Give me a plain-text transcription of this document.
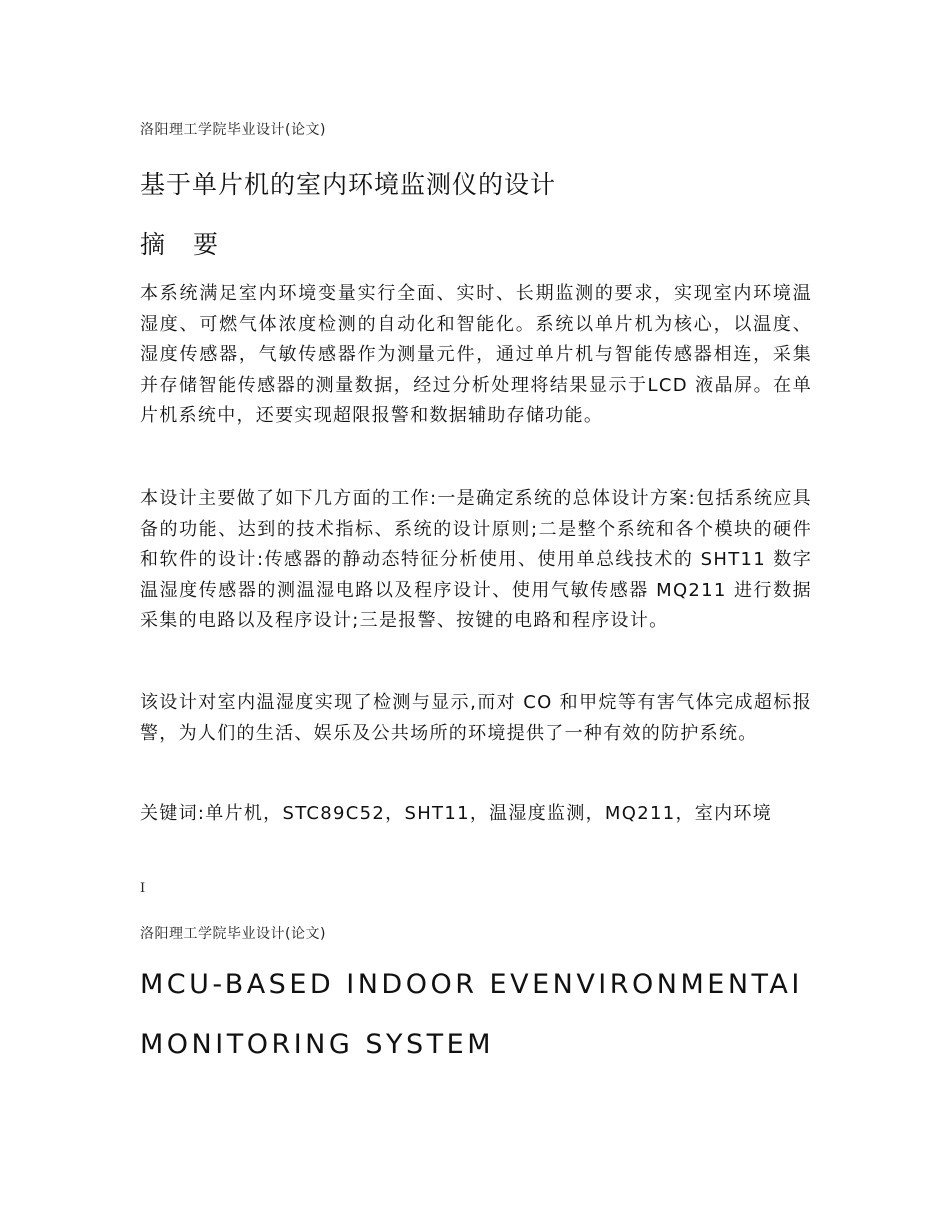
洛阳理工学院毕业设计(论文)
基于单片机的室内环境监测仪的设计
摘 要
本系统满足室内环境变量实行全面、实时、长期监测的要求，实现室内环境温湿度、可燃气体浓度检测的自动化和智能化。系统以单片机为核心，以温度、湿度传感器，气敏传感器作为测量元件，通过单片机与智能传感器相连，采集并存储智能传感器的测量数据，经过分析处理将结果显示于LCD 液晶屏。在单片机系统中，还要实现超限报警和数据辅助存储功能。
本设计主要做了如下几方面的工作:一是确定系统的总体设计方案:包括系统应具备的功能、达到的技术指标、系统的设计原则;二是整个系统和各个模块的硬件和软件的设计:传感器的静动态特征分析使用、使用单总线技术的 SHT11 数字温湿度传感器的测温湿电路以及程序设计、使用气敏传感器 MQ211 进行数据采集的电路以及程序设计;三是报警、按键的电路和程序设计。
该设计对室内温湿度实现了检测与显示,而对 CO 和甲烷等有害气体完成超标报警，为人们的生活、娱乐及公共场所的环境提供了一种有效的防护系统。
关键词:单片机，STC89C52，SHT11，温湿度监测，MQ211，室内环境
I
洛阳理工学院毕业设计(论文)
MCU-BASED INDOOR EVENVIRONMENTAI MONITORING SYSTEM
